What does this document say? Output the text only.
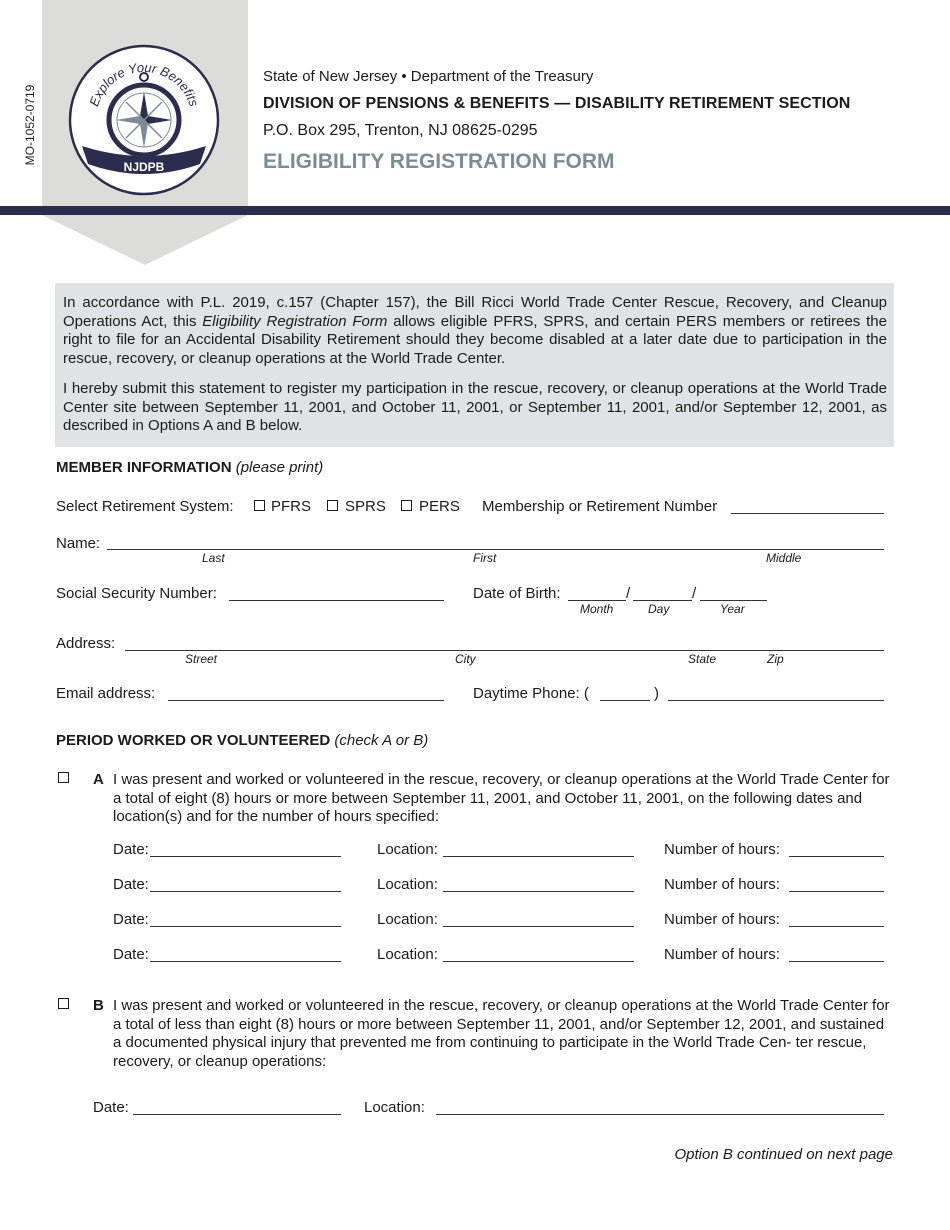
MO-1052-0719	Explore Your Benefits
NJDPB
State of New Jersey • Department of the Treasury
DIVISION OF PENSIONS & BENEFITS — DISABILITY RETIREMENT SECTION
P.O. Box 295, Trenton, NJ 08625-0295
ELIGIBILITY REGISTRATION FORM

In accordance with P.L. 2019, c.157 (Chapter 157), the Bill Ricci World Trade Center Rescue, Recovery, and Cleanup Operations Act, this Eligibility Registration Form allows eligible PFRS, SPRS, and certain PERS members or retirees the right to file for an Accidental Disability Retirement should they become disabled at a later date due to participation in the rescue, recovery, or cleanup operations at the World Trade Center.

I hereby submit this statement to register my participation in the rescue, recovery, or cleanup operations at the World Trade Center site between September 11, 2001, and October 11, 2001, or September 11, 2001, and/or September 12, 2001, as described in Options A and B below.

MEMBER INFORMATION (please print)
Select Retirement System: PFRS SPRS PERS Membership or Retirement Number
Name:
Last	First	Middle
Social Security Number:	Date of Birth:	/	/
Month	Day	Year
Address:
Street	City	State	Zip
Email address:	Daytime Phone: (	)
PERIOD WORKED OR VOLUNTEERED (check A or B)
A I was present and worked or volunteered in the rescue, recovery, or cleanup operations at the World Trade Center for a total of eight (8) hours or more between September 11, 2001, and October 11, 2001, on the following dates and location(s) and for the number of hours specified:
Date:	Location:	Number of hours:
Date:	Location:	Number of hours:
Date:	Location:	Number of hours:
Date:	Location:	Number of hours:
B I was present and worked or volunteered in the rescue, recovery, or cleanup operations at the World Trade Center for a total of less than eight (8) hours or more between September 11, 2001, and/or September 12, 2001, and sustained a documented physical injury that prevented me from continuing to participate in the World Trade Cen- ter rescue, recovery, or cleanup operations:
Date:	Location:
Option B continued on next page
